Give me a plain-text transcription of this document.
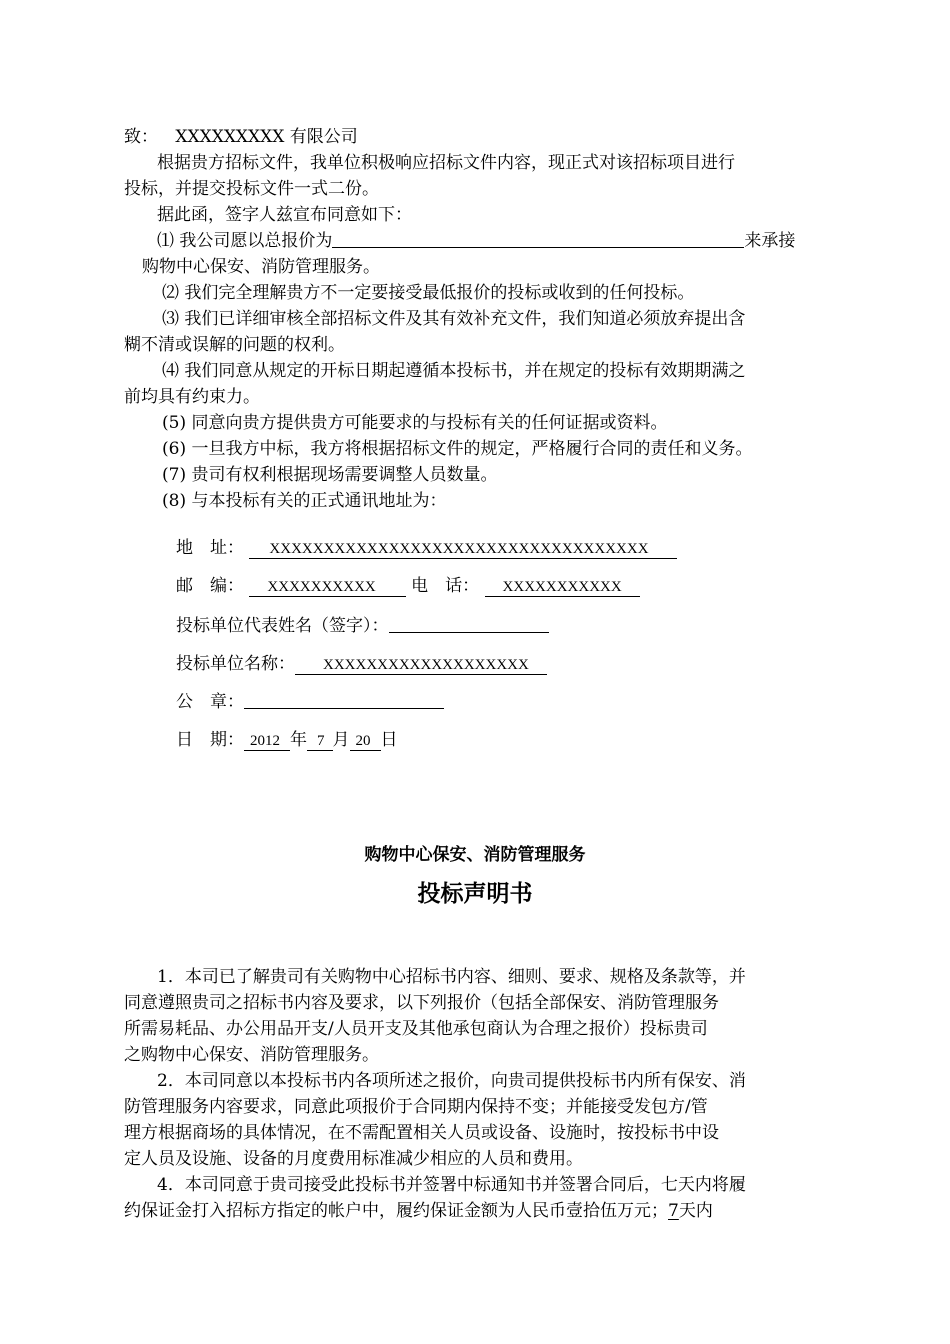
致： XXXXXXXXX 有限公司
根据贵方招标文件，我单位积极响应招标文件内容，现正式对该招标项目进行
投标，并提交投标文件一式二份。
据此函，签字人兹宣布同意如下：
⑴ 我公司愿以总报价为	来承接
购物中心保安、消防管理服务。
⑵ 我们完全理解贵方不一定要接受最低报价的投标或收到的任何投标。
⑶ 我们已详细审核全部招标文件及其有效补充文件，我们知道必须放弃提出含
糊不清或误解的问题的权利。
⑷ 我们同意从规定的开标日期起遵循本投标书，并在规定的投标有效期期满之
前均具有约束力。
(5) 同意向贵方提供贵方可能要求的与投标有关的任何证据或资料。
(6) 一旦我方中标，我方将根据招标文件的规定，严格履行合同的责任和义务。
(7) 贵司有权利根据现场需要调整人员数量。
(8) 与本投标有关的正式通讯地址为：
地　址： XXXXXXXXXXXXXXXXXXXXXXXXXXXXXXXXXXX
邮　编： XXXXXXXXXX 电　话： XXXXXXXXXXX
投标单位代表姓名（签字）：
投标单位名称： XXXXXXXXXXXXXXXXXXX
公　章：
日　期： 2012 年 7 月 20 日
购物中心保安、消防管理服务
投标声明书
1．本司已了解贵司有关购物中心招标书内容、细则、要求、规格及条款等，并
同意遵照贵司之招标书内容及要求，以下列报价（包括全部保安、消防管理服务
所需易耗品、办公用品开支/人员开支及其他承包商认为合理之报价）投标贵司
之购物中心保安、消防管理服务。
2．本司同意以本投标书内各项所述之报价，向贵司提供投标书内所有保安、消
防管理服务内容要求，同意此项报价于合同期内保持不变；并能接受发包方/管
理方根据商场的具体情况，在不需配置相关人员或设备、设施时，按投标书中设
定人员及设施、设备的月度费用标准减少相应的人员和费用。
4．本司同意于贵司接受此投标书并签署中标通知书并签署合同后，七天内将履
约保证金打入招标方指定的帐户中，履约保证金额为人民币壹拾伍万元；7天内
